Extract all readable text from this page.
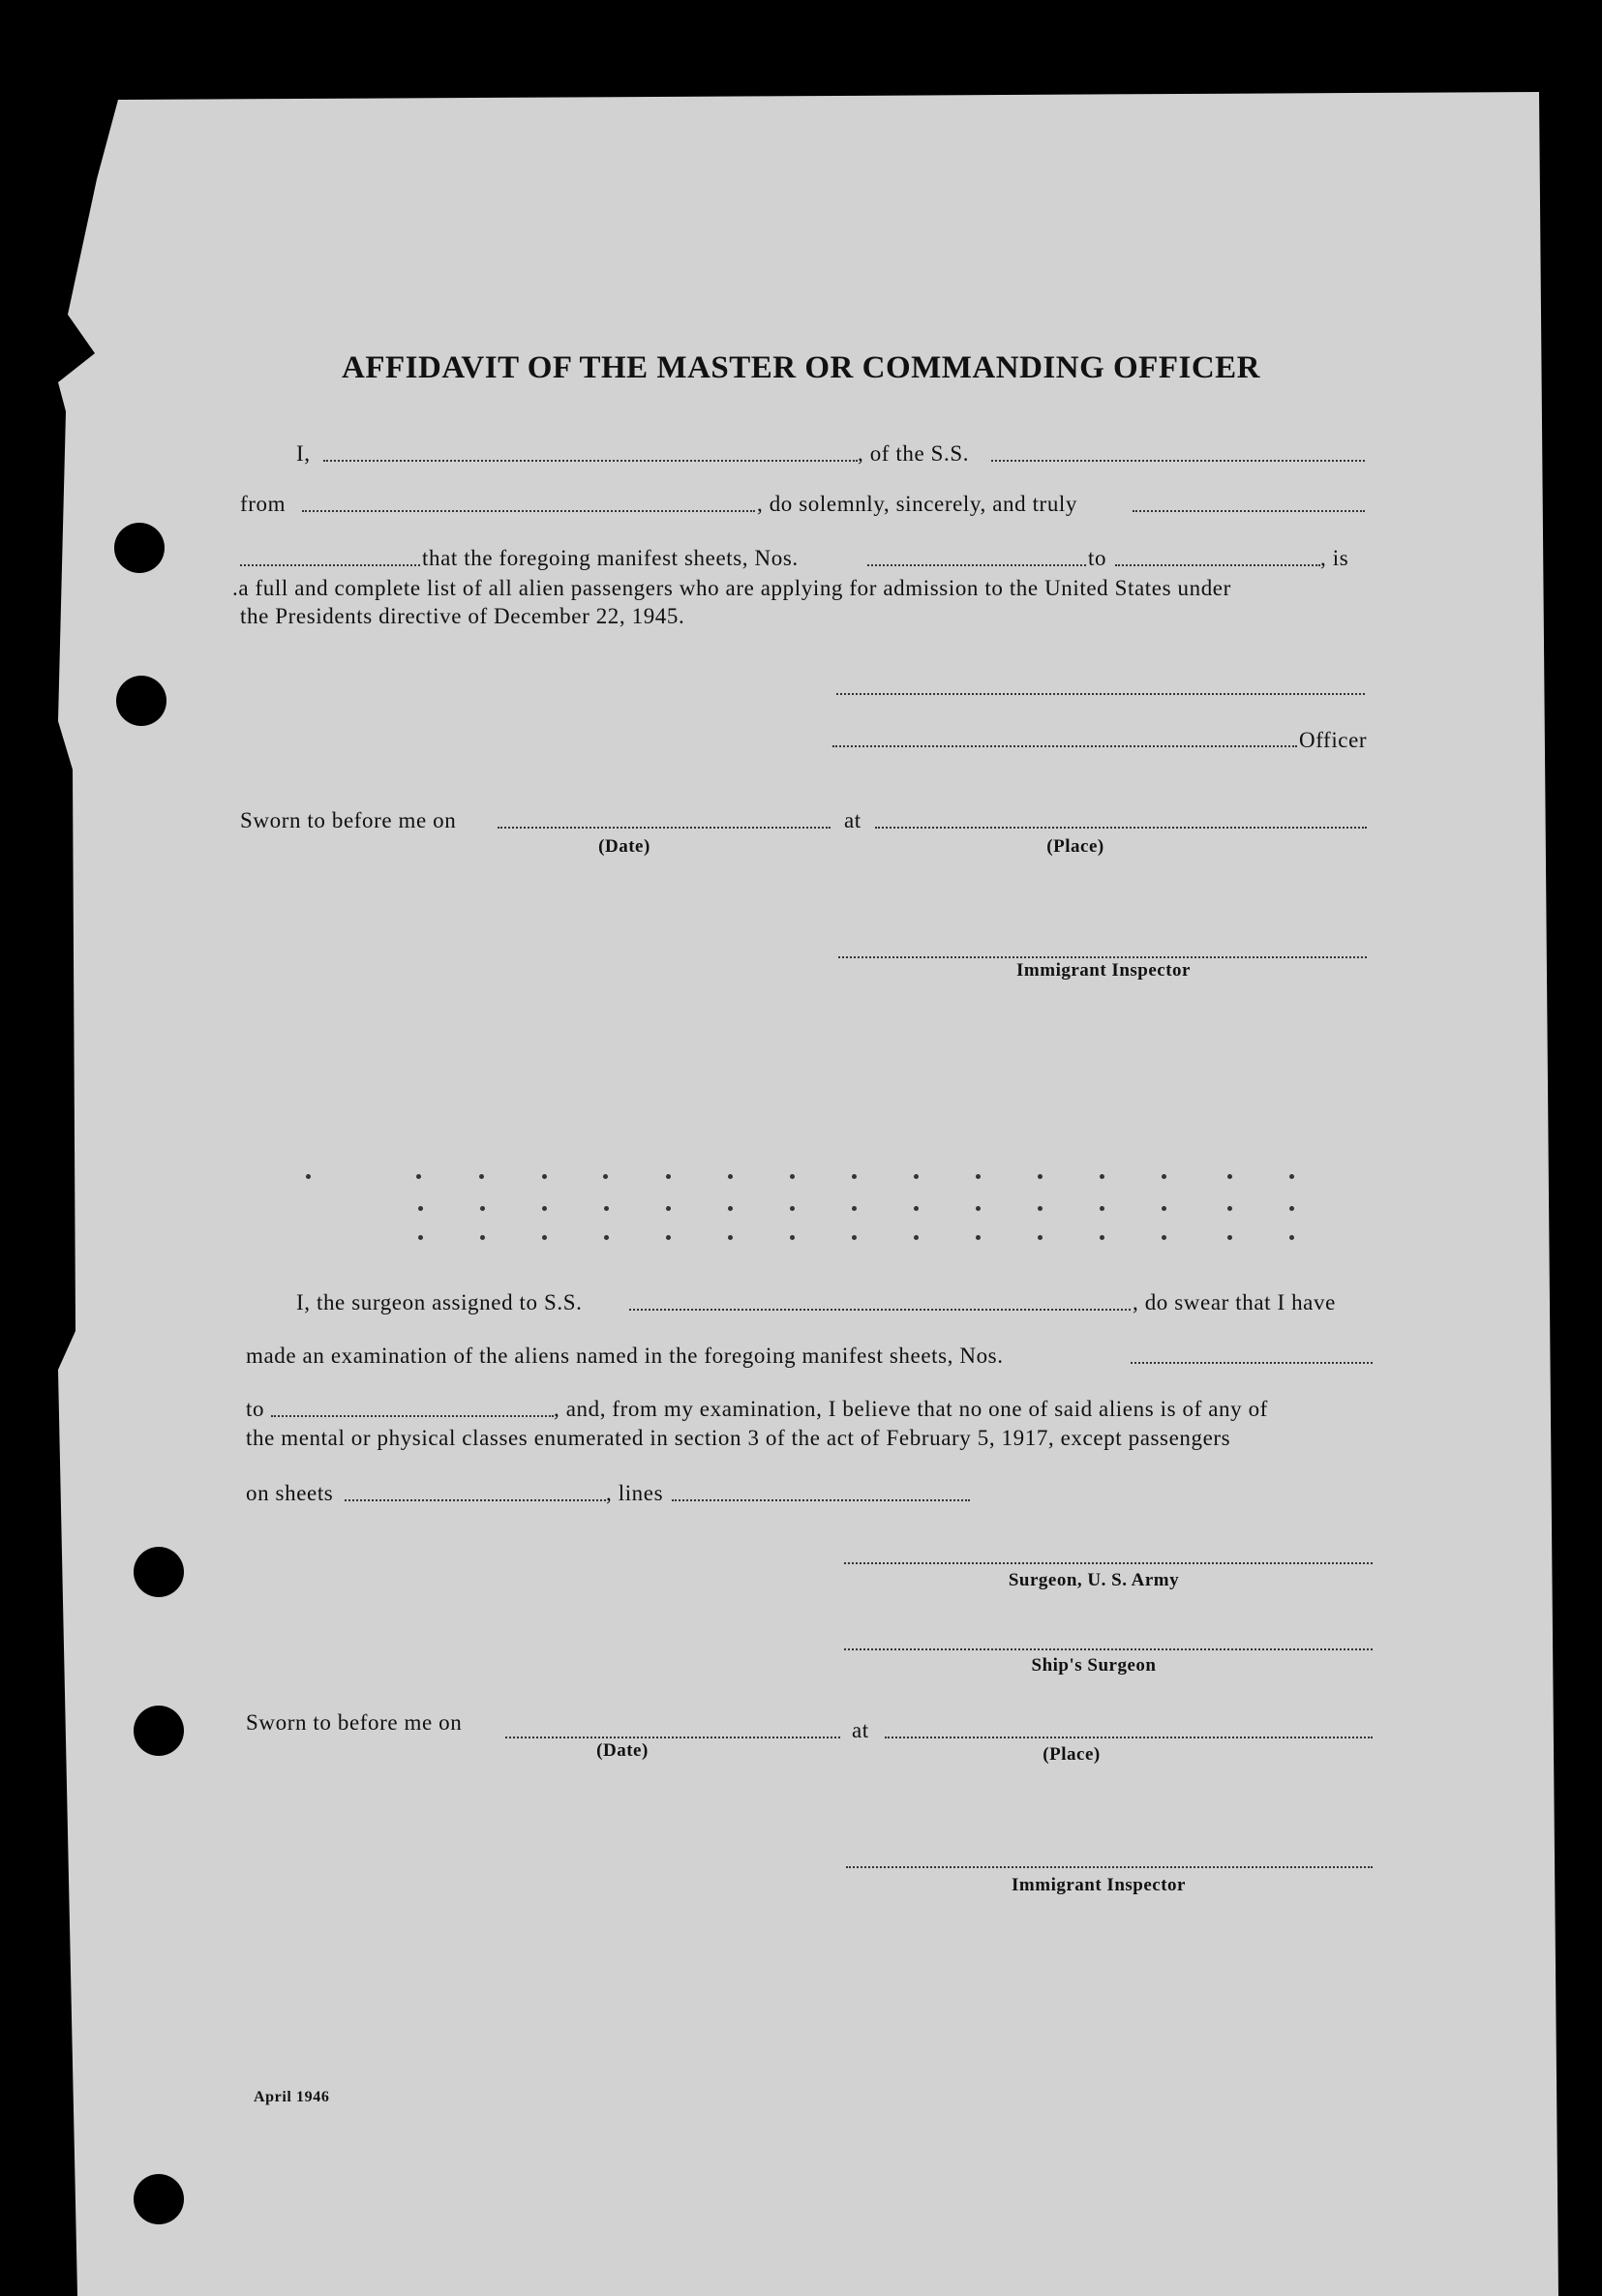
AFFIDAVIT OF THE MASTER OR COMMANDING OFFICER
I,	, of the S.S.
from	, do solemnly, sincerely, and truly
that the foregoing manifest sheets, Nos.	to	, is
.a full and complete list of all alien passengers who are applying for admission to the United States under
the Presidents directive of December 22, 1945.
Officer
Sworn to before me on	at
(Date)	(Place)
Immigrant Inspector
I, the surgeon assigned to S.S.	, do swear that I have
made an examination of the aliens named in the foregoing manifest sheets, Nos.
to	, and, from my examination, I believe that no one of said aliens is of any of
the mental or physical classes enumerated in section 3 of the act of February 5, 1917, except passengers
on sheets	, lines
Surgeon, U. S. Army
Ship's Surgeon
Sworn to before me on	at
(Date)	(Place)
Immigrant Inspector
April 1946
